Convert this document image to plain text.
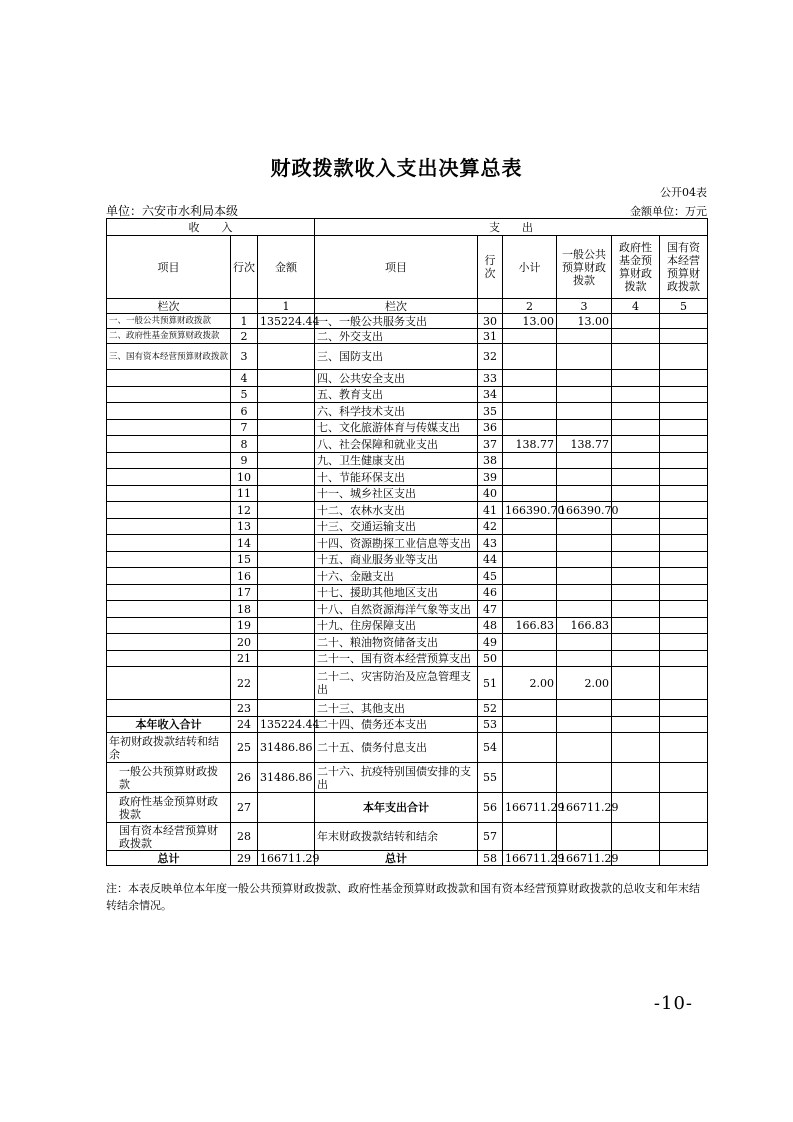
财政拨款收入支出决算总表
公开04表
单位：六安市水利局本级	金额单位：万元
收　　入			支　　出					
项目	行次	金额	项目	行次	小计	一般公共预算财政拨款	政府性基金预算财政拨款	国有资本经营预算财政拨款
栏次		1	栏次		2	3	4	5
一、一般公共预算财政拨款	1	135224.44	一、一般公共服务支出	30	13.00	13.00		
二、政府性基金预算财政拨款	2		二、外交支出	31				
三、国有资本经营预算财政拨款	3		三、国防支出	32				
	4		四、公共安全支出	33				
	5		五、教育支出	34				
	6		六、科学技术支出	35				
	7		七、文化旅游体育与传媒支出	36				
	8		八、社会保障和就业支出	37	138.77	138.77		
	9		九、卫生健康支出	38				
	10		十、节能环保支出	39				
	11		十一、城乡社区支出	40				
	12		十二、农林水支出	41	166390.70	166390.70		
	13		十三、交通运输支出	42				
	14		十四、资源勘探工业信息等支出	43				
	15		十五、商业服务业等支出	44				
	16		十六、金融支出	45				
	17		十七、援助其他地区支出	46				
	18		十八、自然资源海洋气象等支出	47				
	19		十九、住房保障支出	48	166.83	166.83		
	20		二十、粮油物资储备支出	49				
	21		二十一、国有资本经营预算支出	50				
	22		二十二、灾害防治及应急管理支出	51	2.00	2.00		
	23		二十三、其他支出	52				
本年收入合计	24	135224.44	二十四、债务还本支出	53				
年初财政拨款结转和结余	25	31486.86	二十五、债务付息支出	54				
一般公共预算财政拨款	26	31486.86	二十六、抗疫特别国债安排的支出	55				
政府性基金预算财政拨款	27		本年支出合计	56	166711.29	166711.29		
国有资本经营预算财政拨款	28		年末财政拨款结转和结余	57				
总计	29	166711.29	总计	58	166711.29	166711.29		
注：本表反映单位本年度一般公共预算财政拨款、政府性基金预算财政拨款和国有资本经营预算财政拨款的总收支和年末结转结余情况。
-10-
